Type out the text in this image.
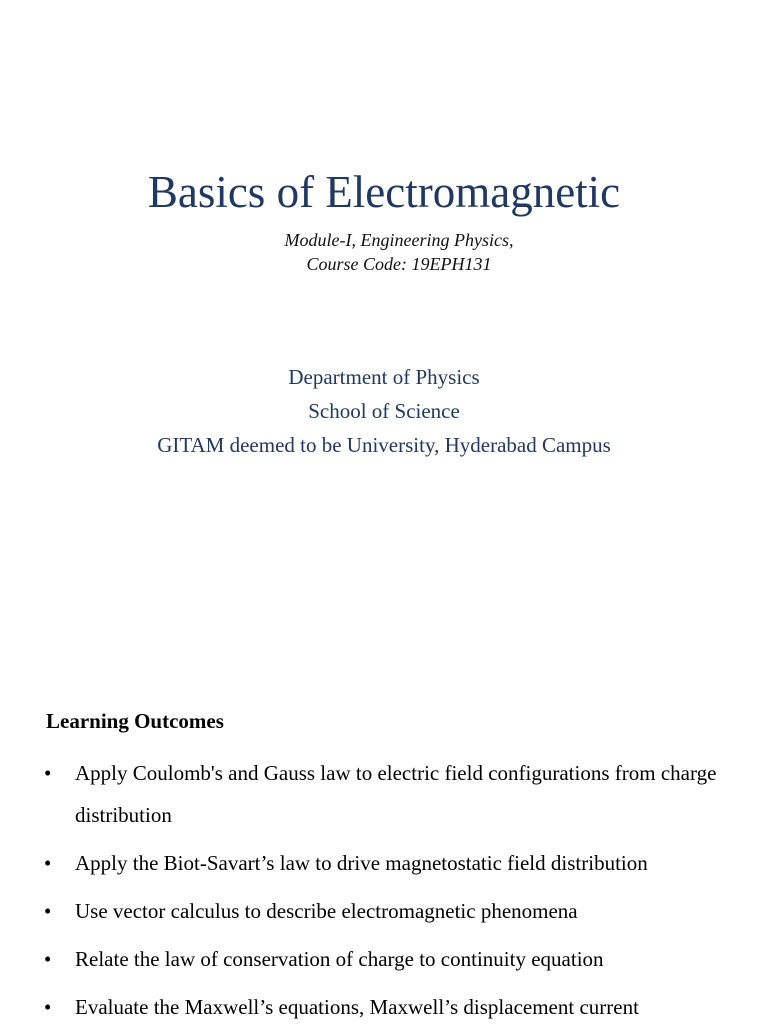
Basics of Electromagnetic
Module-I, Engineering Physics,
Course Code: 19EPH131
Department of Physics
School of Science
GITAM deemed to be University, Hyderabad Campus
Learning Outcomes
• Apply Coulomb's and Gauss law to electric field configurations from charge distribution
• Apply the Biot-Savart’s law to drive magnetostatic field distribution
• Use vector calculus to describe electromagnetic phenomena
• Relate the law of conservation of charge to continuity equation
• Evaluate the Maxwell’s equations, Maxwell’s displacement current
